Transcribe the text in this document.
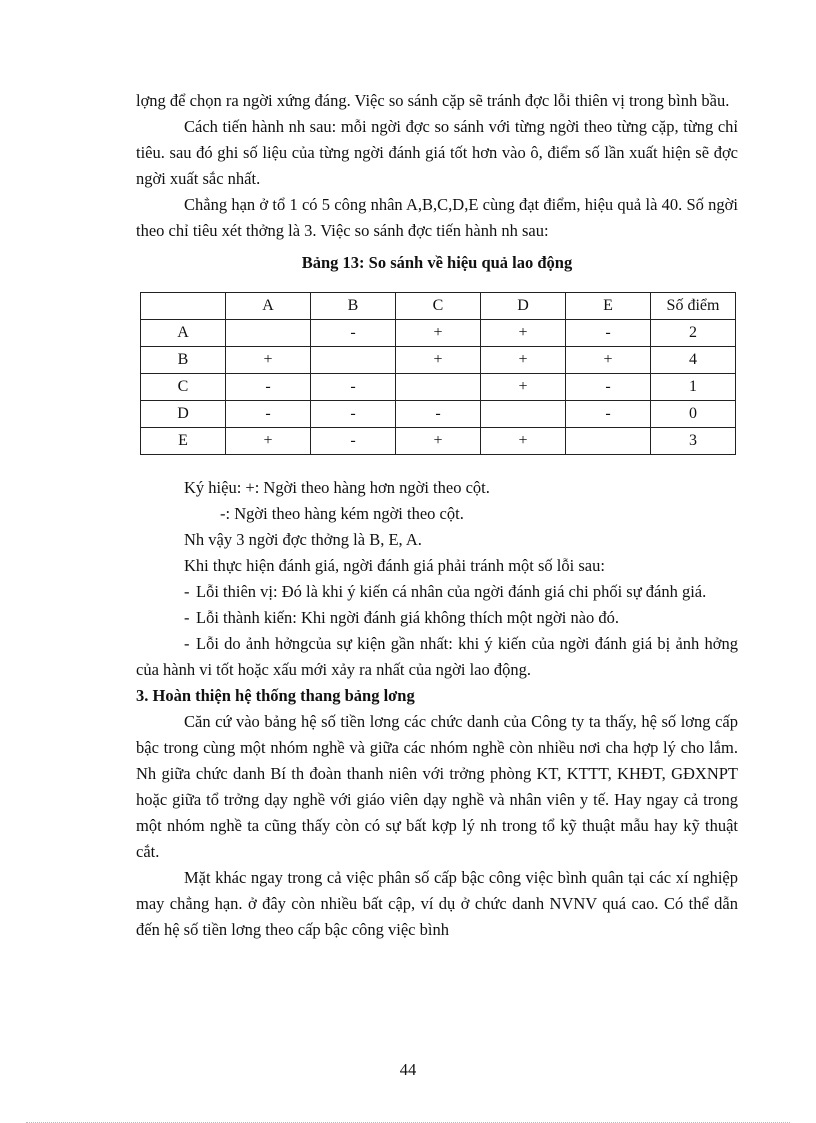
lợng để chọn ra ngời xứng đáng. Việc so sánh cặp sẽ tránh đợc lỗi thiên vị trong bình bầu.

Cách tiến hành nh sau: mỗi ngời đợc so sánh với từng ngời theo từng cặp, từng chỉ tiêu. sau đó ghi số liệu của từng ngời đánh giá tốt hơn vào ô, điểm số lần xuất hiện sẽ đợc ngời xuất sắc nhất.

Chẳng hạn ở tổ 1 có 5 công nhân A,B,C,D,E cùng đạt điểm, hiệu quả là 40. Số ngời theo chỉ tiêu xét thởng là 3. Việc so sánh đợc tiến hành nh sau:

Bảng 13: So sánh về hiệu quả lao động
	A	B	C	D	E	Số điểm
A		-	+	+	-	2
B	+		+	+	+	4
C	-	-		+	-	1
D	-	-	-		-	0
E	+	-	+	+		3

Ký hiệu: +: Ngời theo hàng hơn ngời theo cột.

-: Ngời theo hàng kém ngời theo cột.

Nh vậy 3 ngời đợc thởng là B, E, A.

Khi thực hiện đánh giá, ngời đánh giá phải tránh một số lỗi sau:

- Lỗi thiên vị: Đó là khi ý kiến cá nhân của ngời đánh giá chi phối sự đánh giá.

- Lỗi thành kiến: Khi ngời đánh giá không thích một ngời nào đó.

- Lỗi do ảnh hởngcủa sự kiện gần nhất: khi ý kiến của ngời đánh giá bị ảnh hởng của hành vi tốt hoặc xấu mới xảy ra nhất của ngời lao động.

3. Hoàn thiện hệ thống thang bảng lơng

Căn cứ vào bảng hệ số tiền lơng các chức danh của Công ty ta thấy, hệ số lơng cấp bậc trong cùng một nhóm nghề và giữa các nhóm nghề còn nhiều nơi cha hợp lý cho lắm. Nh giữa chức danh Bí th đoàn thanh niên với trởng phòng KT, KTTT, KHĐT, GĐXNPT hoặc giữa tổ trởng dạy nghề với giáo viên dạy nghề và nhân viên y tế. Hay ngay cả trong một nhóm nghề ta cũng thấy còn có sự bất kợp lý nh trong tổ kỹ thuật mẫu hay kỹ thuật cắt.

Mặt khác ngay trong cả việc phân số cấp bậc công việc bình quân tại các xí nghiệp may chẳng hạn. ở đây còn nhiều bất cập, ví dụ ở chức danh NVNV quá cao. Có thể dẫn đến hệ số tiền lơng theo cấp bậc công việc bình

44
